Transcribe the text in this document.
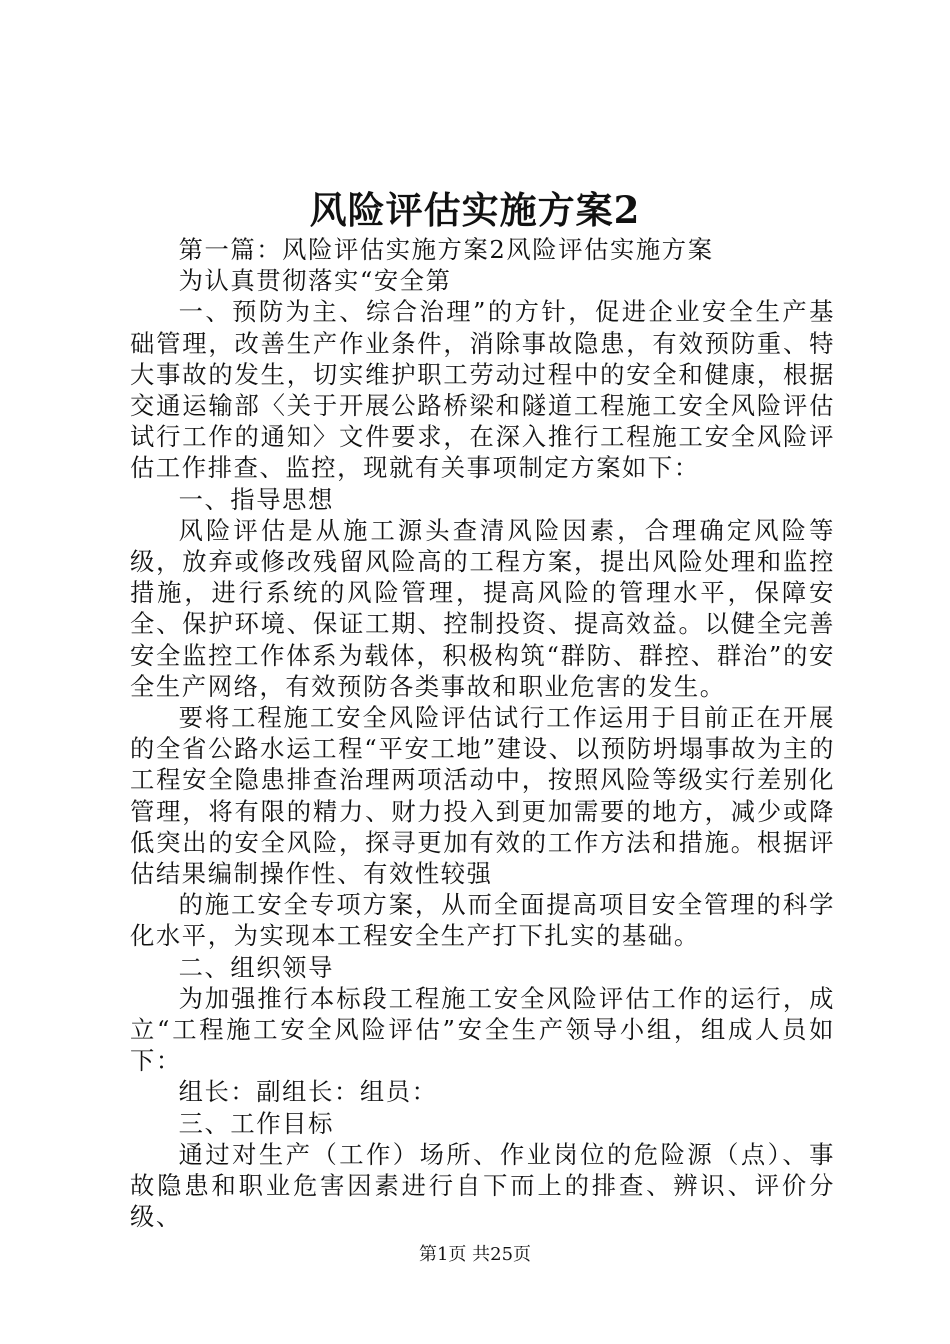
风险评估实施方案2

第一篇：风险评估实施方案2风险评估实施方案

为认真贯彻落实“安全第

一、预防为主、综合治理”的方针，促进企业安全生产基础管理，改善生产作业条件，消除事故隐患，有效预防重、特大事故的发生，切实维护职工劳动过程中的安全和健康，根据交通运输部〈关于开展公路桥梁和隧道工程施工安全风险评估试行工作的通知〉文件要求，在深入推行工程施工安全风险评估工作排查、监控，现就有关事项制定方案如下：

一、指导思想

风险评估是从施工源头查清风险因素，合理确定风险等级，放弃或修改残留风险高的工程方案，提出风险处理和监控措施，进行系统的风险管理，提高风险的管理水平，保障安全、保护环境、保证工期、控制投资、提高效益。以健全完善安全监控工作体系为载体，积极构筑“群防、群控、群治”的安全生产网络，有效预防各类事故和职业危害的发生。

要将工程施工安全风险评估试行工作运用于目前正在开展的全省公路水运工程“平安工地”建设、以预防坍塌事故为主的工程安全隐患排查治理两项活动中，按照风险等级实行差别化管理，将有限的精力、财力投入到更加需要的地方，减少或降低突出的安全风险，探寻更加有效的工作方法和措施。根据评估结果编制操作性、有效性较强

的施工安全专项方案，从而全面提高项目安全管理的科学化水平，为实现本工程安全生产打下扎实的基础。

二、组织领导

为加强推行本标段工程施工安全风险评估工作的运行，成立“工程施工安全风险评估”安全生产领导小组，组成人员如下：

组长：副组长：组员：

三、工作目标

通过对生产（工作）场所、作业岗位的危险源（点）、事故隐患和职业危害因素进行自下而上的排查、辨识、评价分级、

第1页 共25页
